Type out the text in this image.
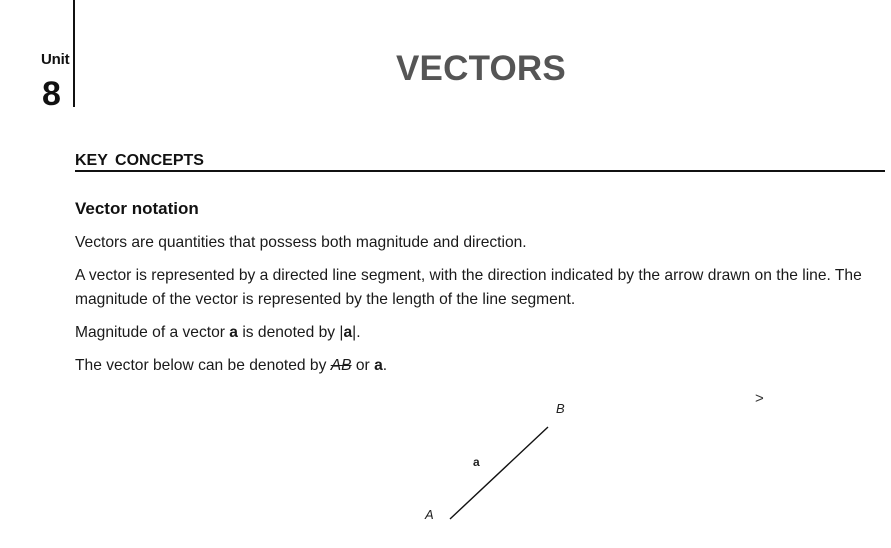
Unit
8
VECTORS
KEY CONCEPTS
Vector notation
Vectors are quantities that possess both magnitude and direction.
A vector is represented by a directed line segment, with the direction indicated by the arrow drawn on the line. The magnitude of the vector is represented by the length of the line segment.
Magnitude of a vector a is denoted by |a|.
The vector below can be denoted by AB or a.
>
A
B
a
